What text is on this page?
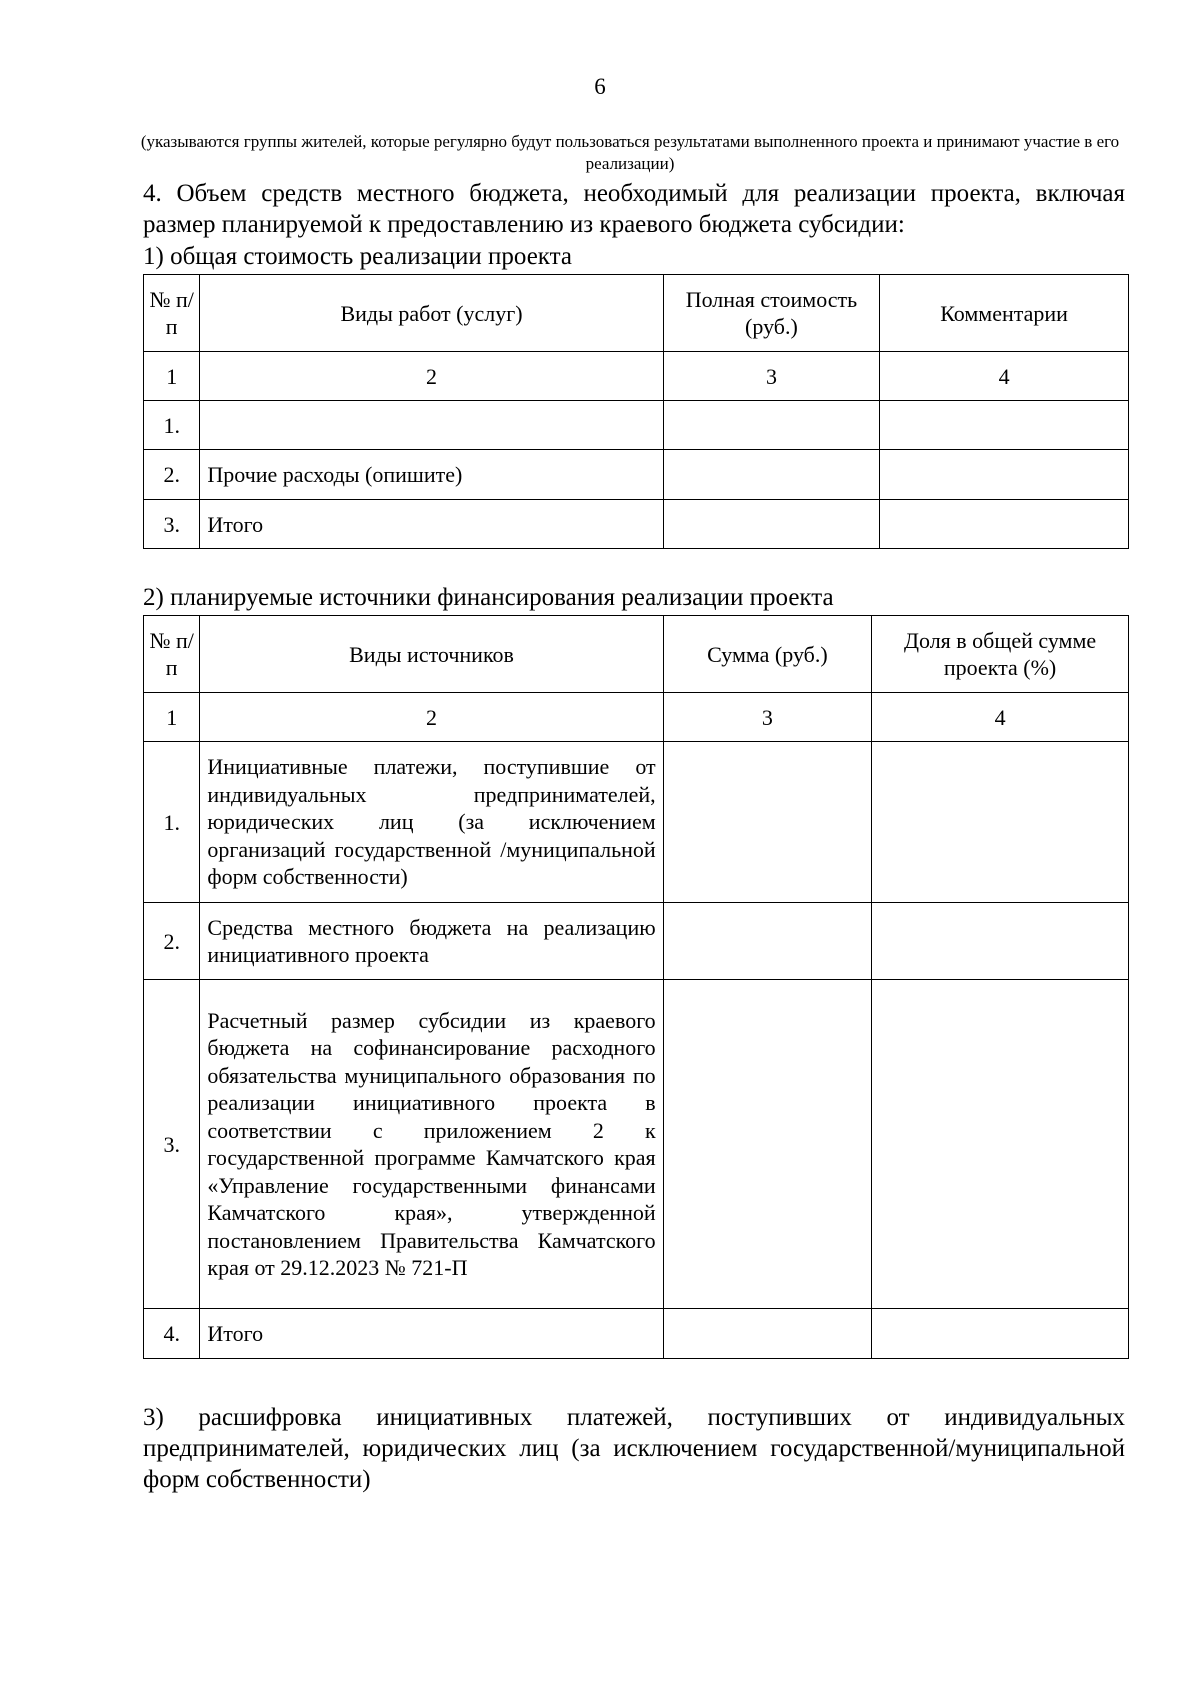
6
(указываются группы жителей, которые регулярно будут пользоваться результатами выполненного проекта и принимают участие в его реализации)
4. Объем средств местного бюджета, необходимый для реализации проекта, включая размер планируемой к предоставлению из краевого бюджета субсидии:
1) общая стоимость реализации проекта
№ п/п	Виды работ (услуг)	Полная стоимость (руб.)	Комментарии
1	2	3	4
1.			
2.	Прочие расходы (опишите)		
3.	Итого		
2) планируемые источники финансирования реализации проекта
№ п/п	Виды источников	Сумма (руб.)	Доля в общей сумме проекта (%)
1	2	3	4
1.	Инициативные платежи, поступившие от индивидуальных предпринимателей, юридических лиц (за исключением организаций государственной /муниципальной форм собственности)		
2.	Средства местного бюджета на реализацию инициативного проекта		
3.	Расчетный размер субсидии из краевого бюджета на софинансирование расходного обязательства муниципального образования по реализации инициативного проекта в соответствии с приложением 2 к государственной программе Камчатского края «Управление государственными финансами Камчатского края», утвержденной постановлением Правительства Камчатского края от 29.12.2023 № 721-П		
4.	Итого		
3) расшифровка инициативных платежей, поступивших от индивидуальных предпринимателей, юридических лиц (за исключением государственной/муниципальной форм собственности)
